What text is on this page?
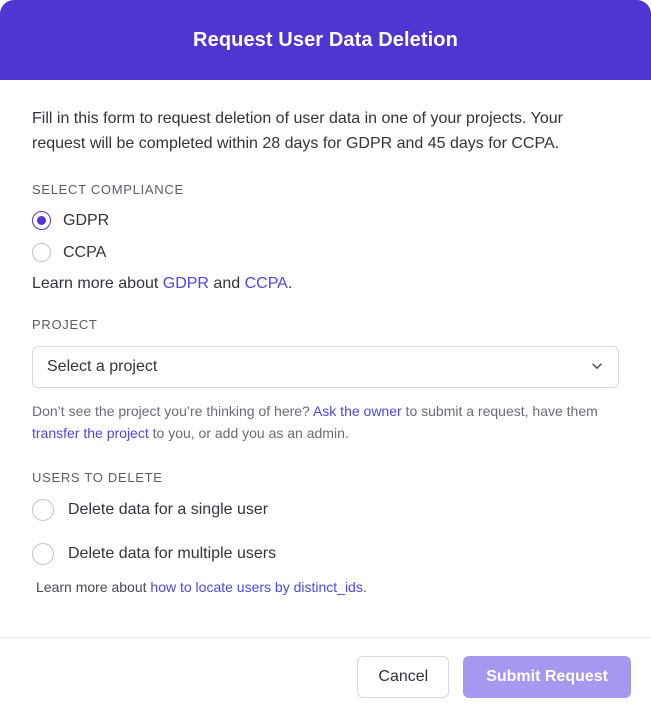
Request User Data Deletion

Fill in this form to request deletion of user data in one of your projects. Your request will be completed within 28 days for GDPR and 45 days for CCPA.

SELECT COMPLIANCE
GDPR
CCPA
Learn more about GDPR and CCPA.
PROJECT
Select a project
Don’t see the project you’re thinking of here? Ask the owner to submit a request, have them transfer the project to you, or add you as an admin.
USERS TO DELETE
Delete data for a single user
Delete data for multiple users
Learn more about how to locate users by distinct_ids.
Cancel	Submit Request
